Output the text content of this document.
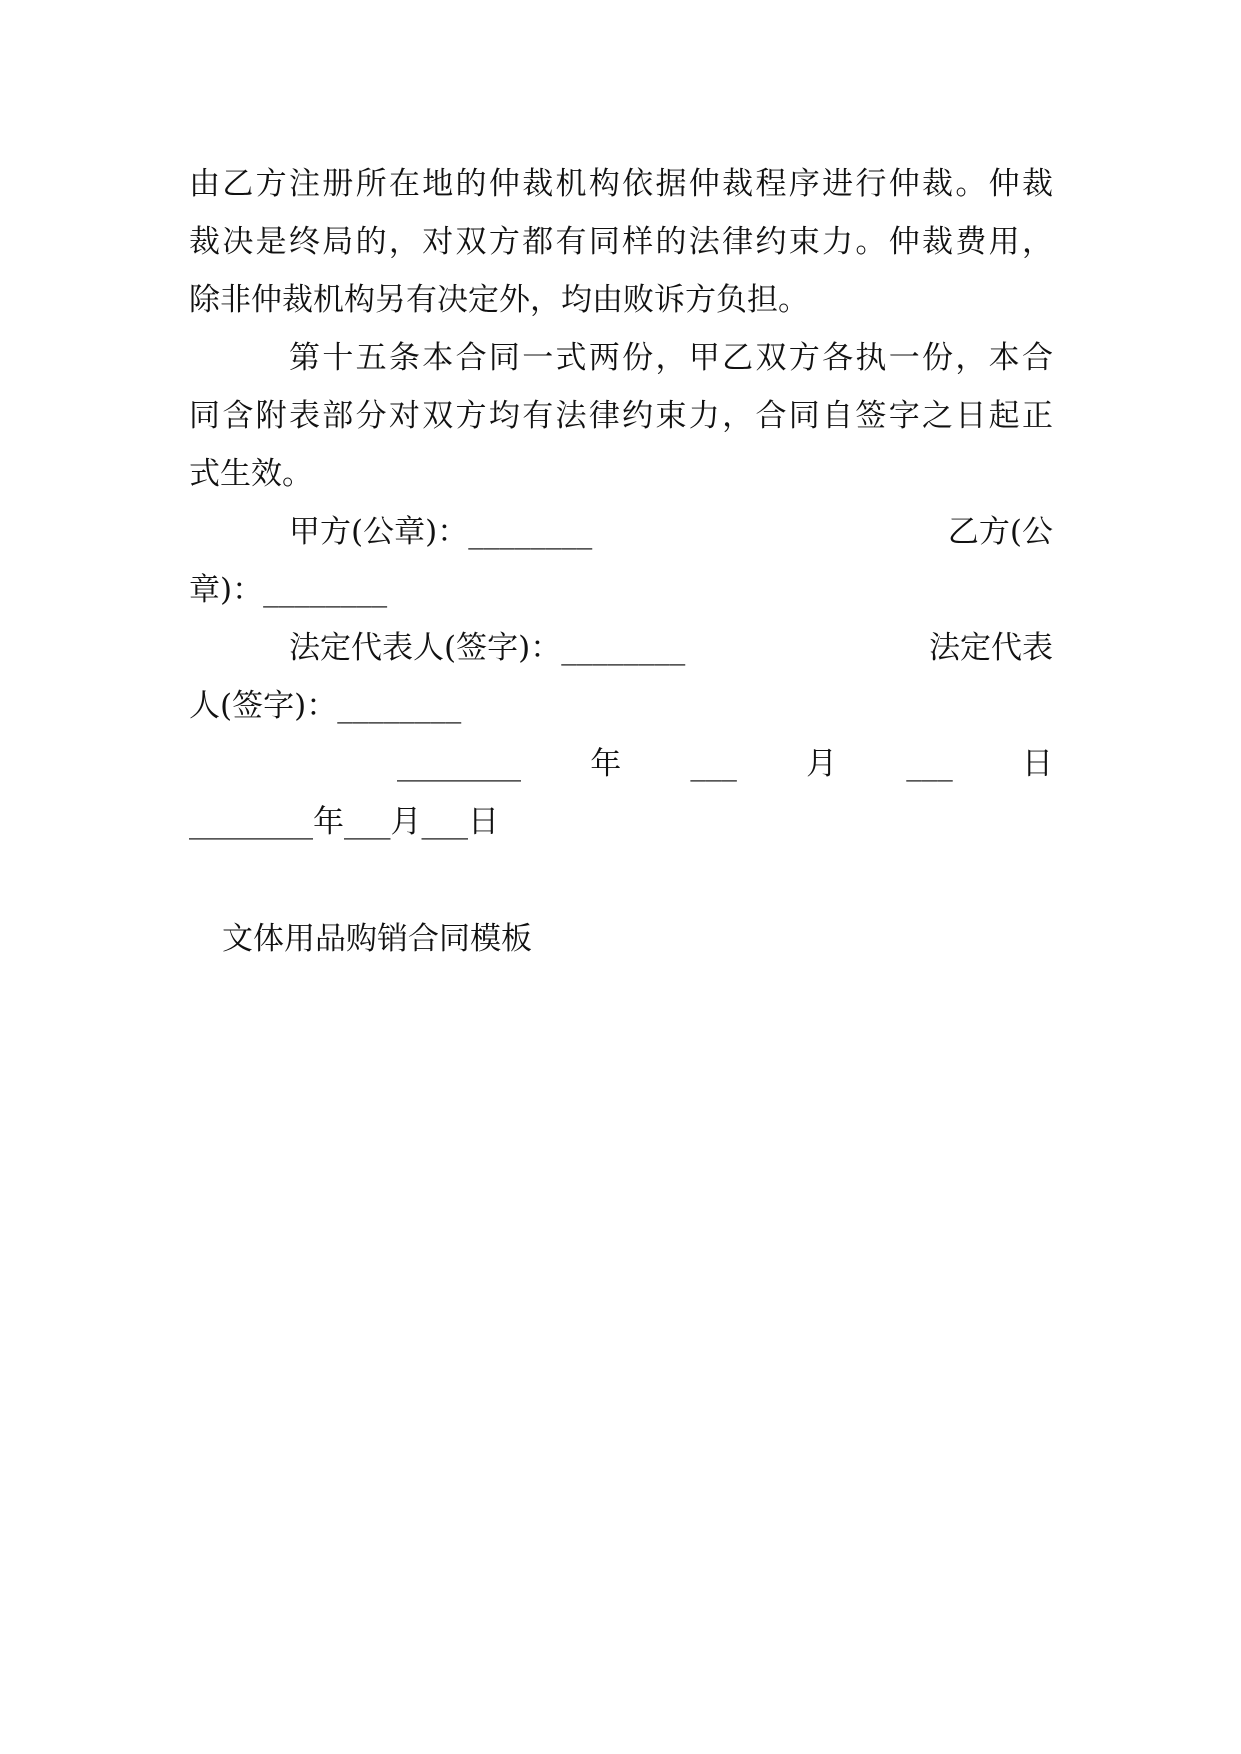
由乙方注册所在地的仲裁机构依据仲裁程序进行仲裁。仲裁
裁决是终局的，对双方都有同样的法律约束力。仲裁费用，
除非仲裁机构另有决定外，均由败诉方负担。
第十五条本合同一式两份，甲乙双方各执一份，本合
同含附表部分对双方均有法律约束力，合同自签字之日起正
式生效。
甲方(公章)：________	乙方(公
章)：________
法定代表人(签字)：________	法定代表
人(签字)：________
________ 年 ___ 月 ___ 日
________年___月___日
文体用品购销合同模板
